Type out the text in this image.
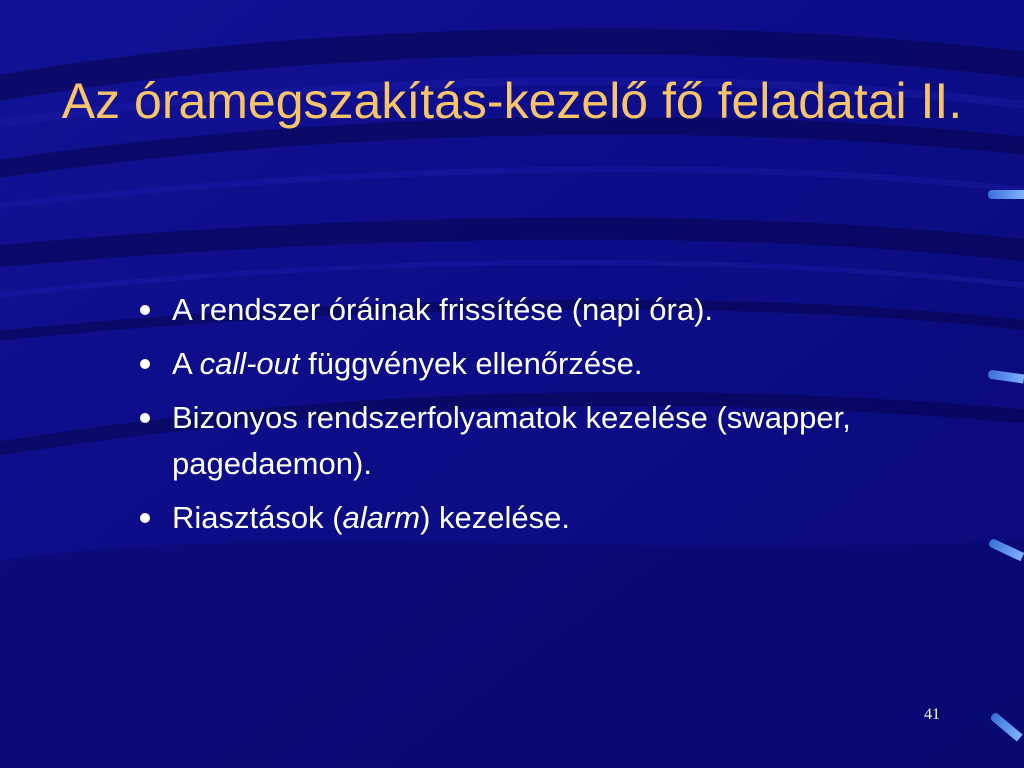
Az óramegszakítás-kezelő fő feladatai II.
A rendszer óráinak frissítése (napi óra).
A call-out függvények ellenőrzése.
Bizonyos rendszerfolyamatok kezelése (swapper, pagedaemon).
Riasztások (alarm) kezelése.
41
